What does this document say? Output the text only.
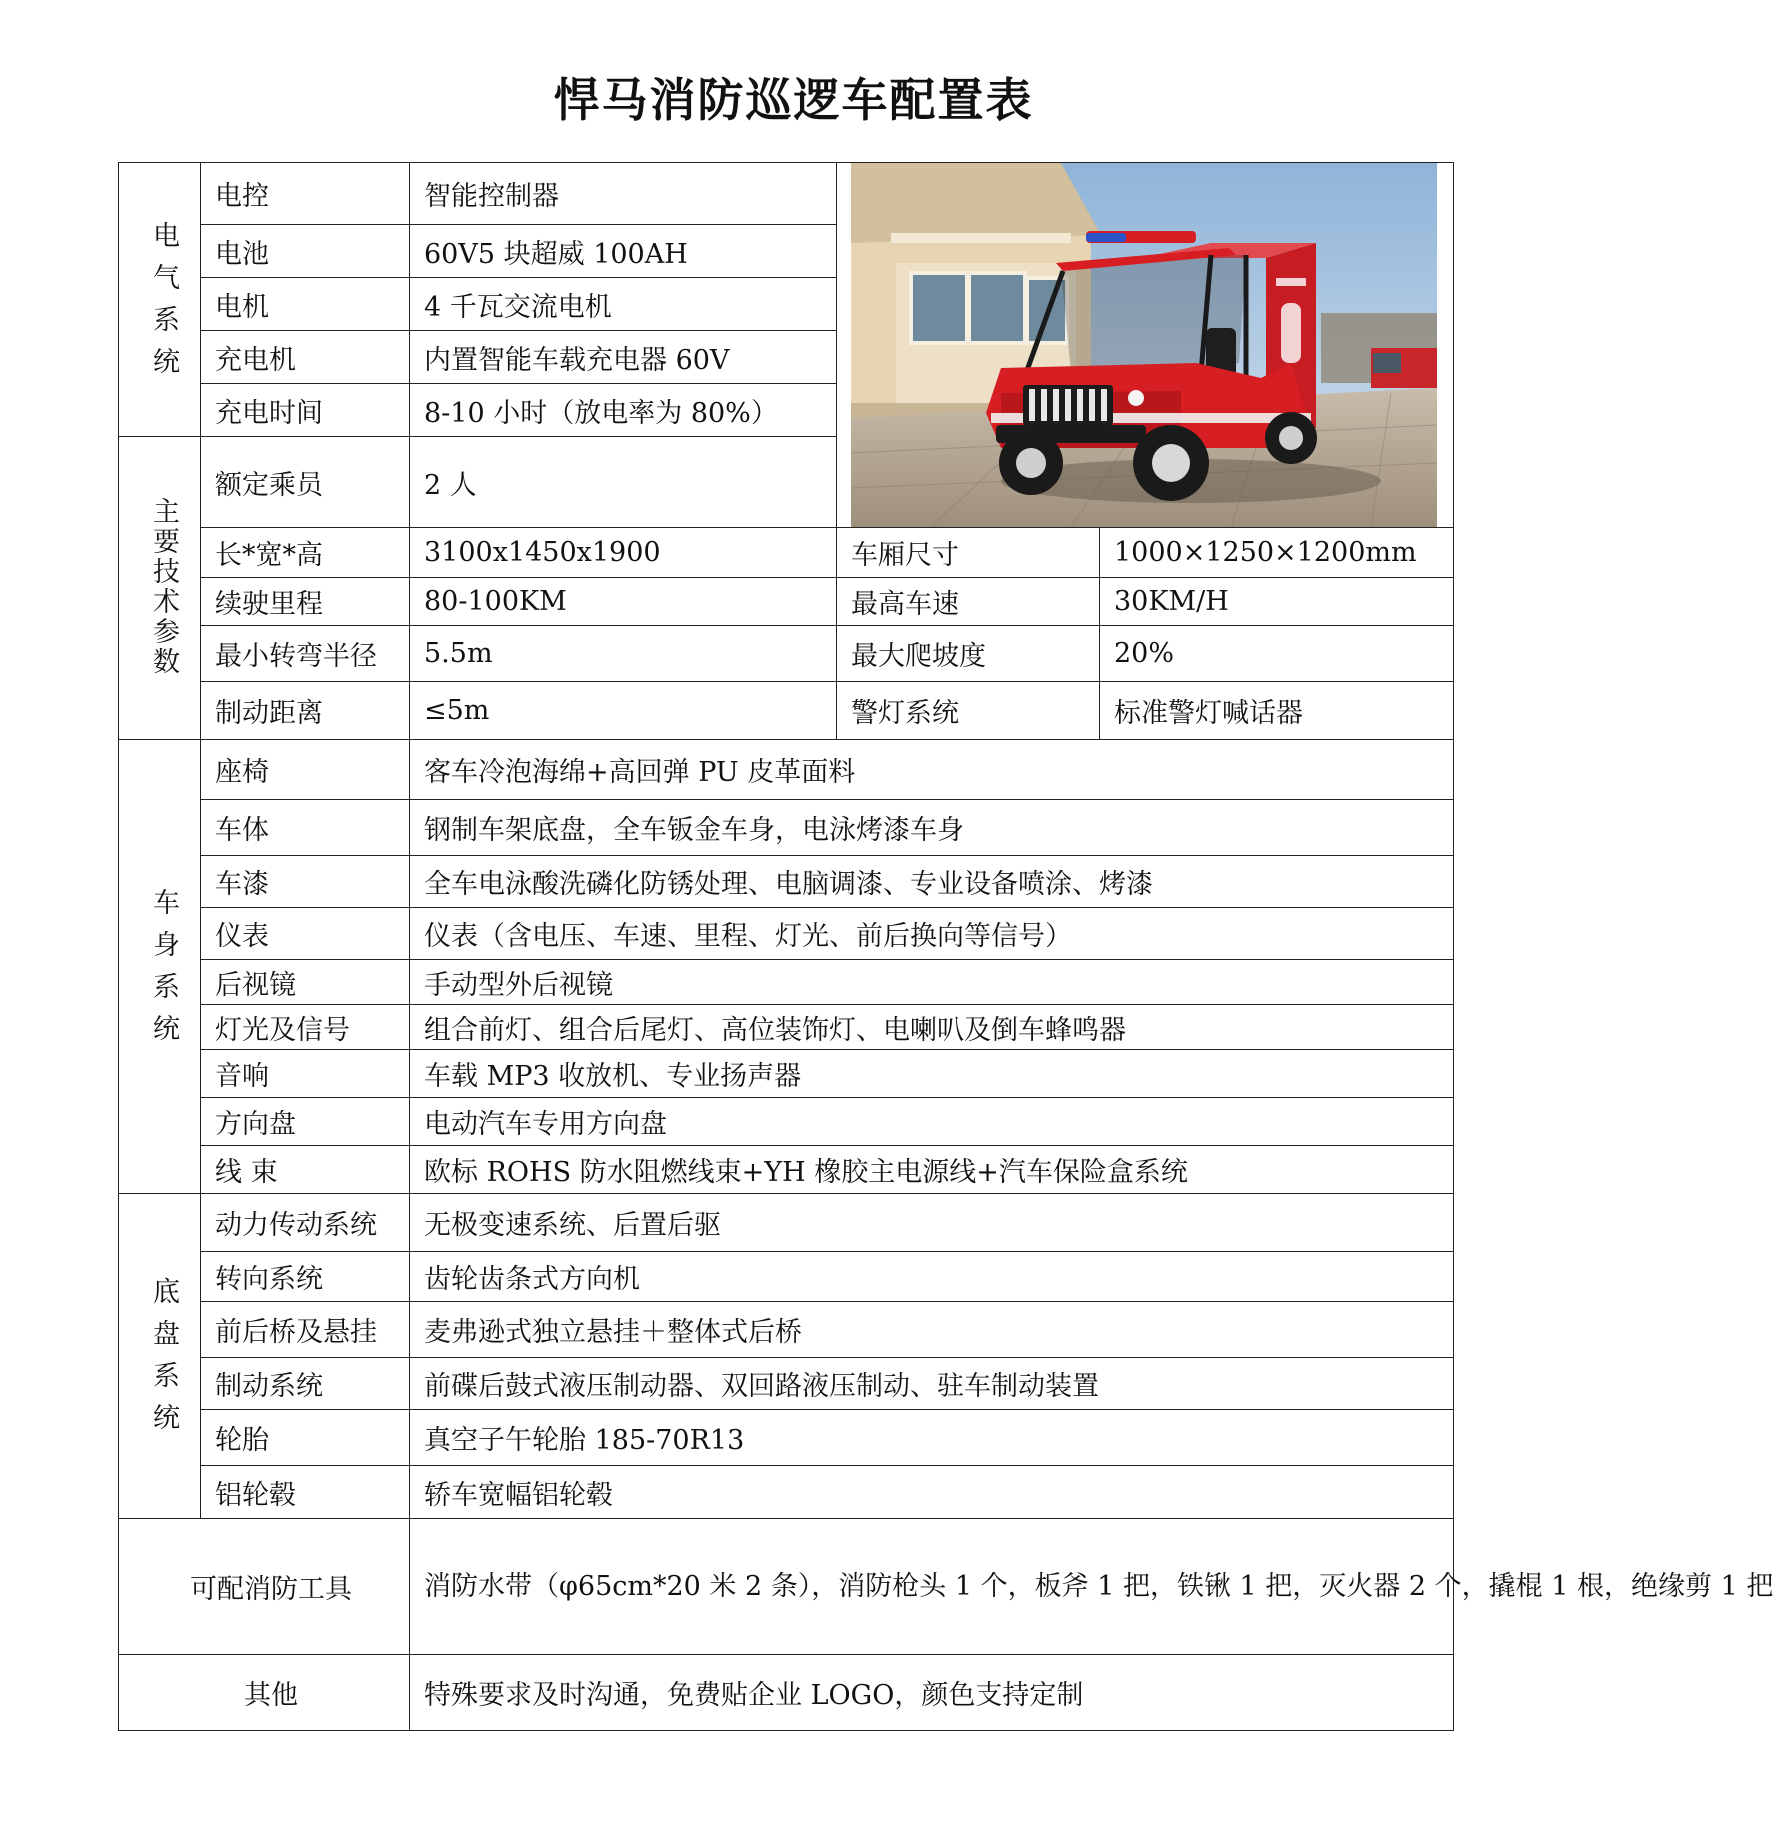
悍马消防巡逻车配置表
电气系统	电控	智能控制器	

	电池	60V5 块超威 100AH		
	电机	4 千瓦交流电机		
	充电机	内置智能车载充电器 60V		
	充电时间	8-10 小时（放电率为 80%）		
主要技术参数	额定乘员	2 人		
	长*宽*高	3100x1450x1900	车厢尺寸	1000×1250×1200mm
	续驶里程	80-100KM	最高车速	30KM/H
	最小转弯半径	5.5m	最大爬坡度	20%
	制动距离	≤5m	警灯系统	标准警灯喊话器
车身系统	座椅	客车冷泡海绵+高回弹 PU 皮革面料		
	车体	钢制车架底盘，全车钣金车身，电泳烤漆车身		
	车漆	全车电泳酸洗磷化防锈处理、电脑调漆、专业设备喷涂、烤漆		
	仪表	仪表（含电压、车速、里程、灯光、前后换向等信号）		
	后视镜	手动型外后视镜		
	灯光及信号	组合前灯、组合后尾灯、高位装饰灯、电喇叭及倒车蜂鸣器		
	音响	车载 MP3 收放机、专业扬声器		
	方向盘	电动汽车专用方向盘		
	线 束	欧标 ROHS 防水阻燃线束+YH 橡胶主电源线+汽车保险盒系统		
底盘系统	动力传动系统	无极变速系统、后置后驱		
	转向系统	齿轮齿条式方向机		
	前后桥及悬挂	麦弗逊式独立悬挂＋整体式后桥		
	制动系统	前碟后鼓式液压制动器、双回路液压制动、驻车制动装置		
	轮胎	真空子午轮胎 185-70R13		
	铝轮毂	轿车宽幅铝轮毂		
可配消防工具		消防水带（φ65cm*20 米 2 条），消防枪头 1 个，板斧 1 把，铁锹 1 把，灭火器 2 个，撬棍 1 根，绝缘剪 1 把		
其他		特殊要求及时沟通，免费贴企业 LOGO，颜色支持定制		
